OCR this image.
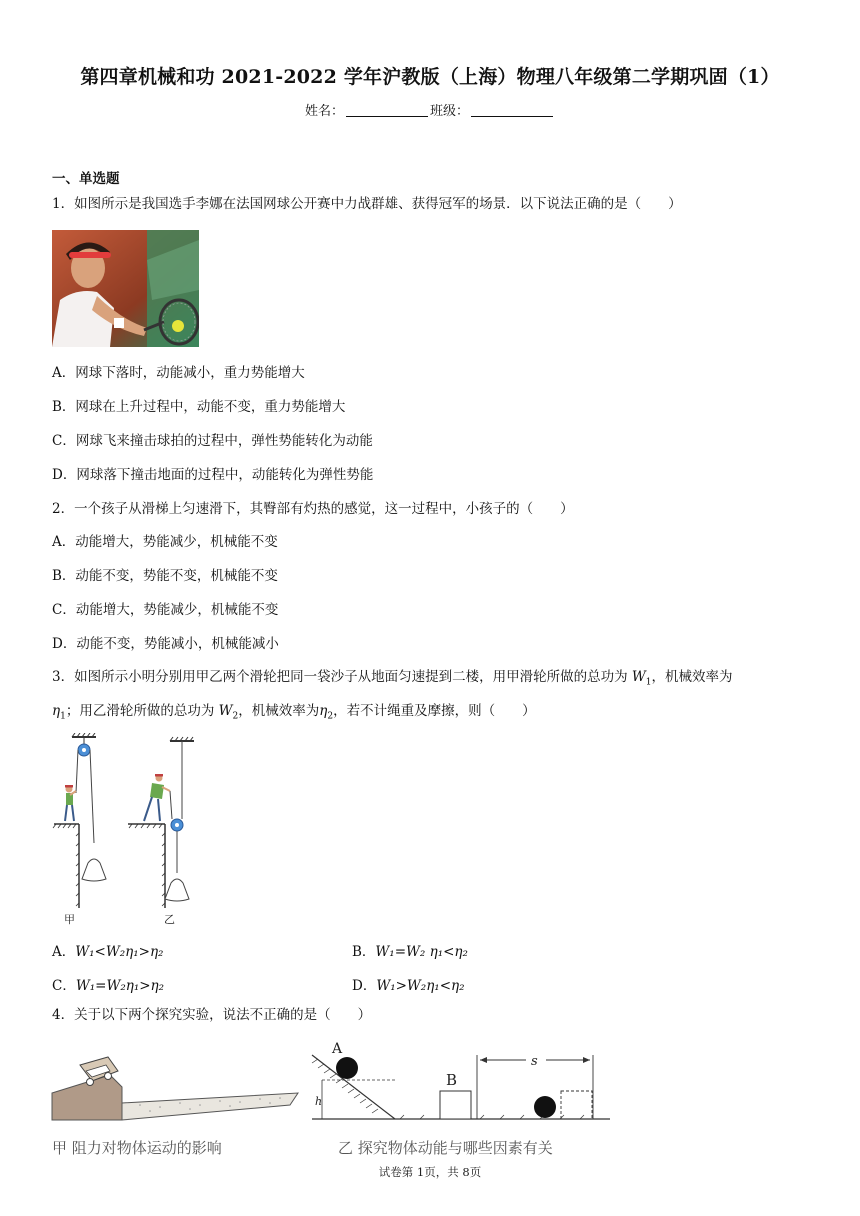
第四章机械和功 2021-2022 学年沪教版（上海）物理八年级第二学期巩固（1）
姓名：	班级：
一、单选题
1．如图所示是我国选手李娜在法国网球公开赛中力战群雄、获得冠军的场景．以下说法正确的是（　　）
A．网球下落时，动能减小，重力势能增大
B．网球在上升过程中，动能不变，重力势能增大
C．网球飞来撞击球拍的过程中，弹性势能转化为动能
D．网球落下撞击地面的过程中，动能转化为弹性势能
2．一个孩子从滑梯上匀速滑下，其臀部有灼热的感觉，这一过程中，小孩子的（　　）
A．动能增大，势能减少，机械能不变
B．动能不变，势能不变，机械能不变
C．动能增大，势能减少，机械能不变
D．动能不变，势能减小，机械能减小
3．如图所示小明分别用甲乙两个滑轮把同一袋沙子从地面匀速提到二楼，用甲滑轮所做的总功为 $W_1$，机械效率为
$\eta_1$；用乙滑轮所做的总功为 $W_2$，机械效率为$\eta_2$，若不计绳重及摩擦，则（　　）
甲	乙
A．W₁<W₂η₁>η₂	B．W₁=W₂ η₁<η₂
C．W₁=W₂η₁>η₂	D．W₁>W₂η₁<η₂
4．关于以下两个探究实验，说法不正确的是（　　）
甲 阻力对物体运动的影响
A
h
B
s
乙 探究物体动能与哪些因素有关
试卷第 1页，共 8页
